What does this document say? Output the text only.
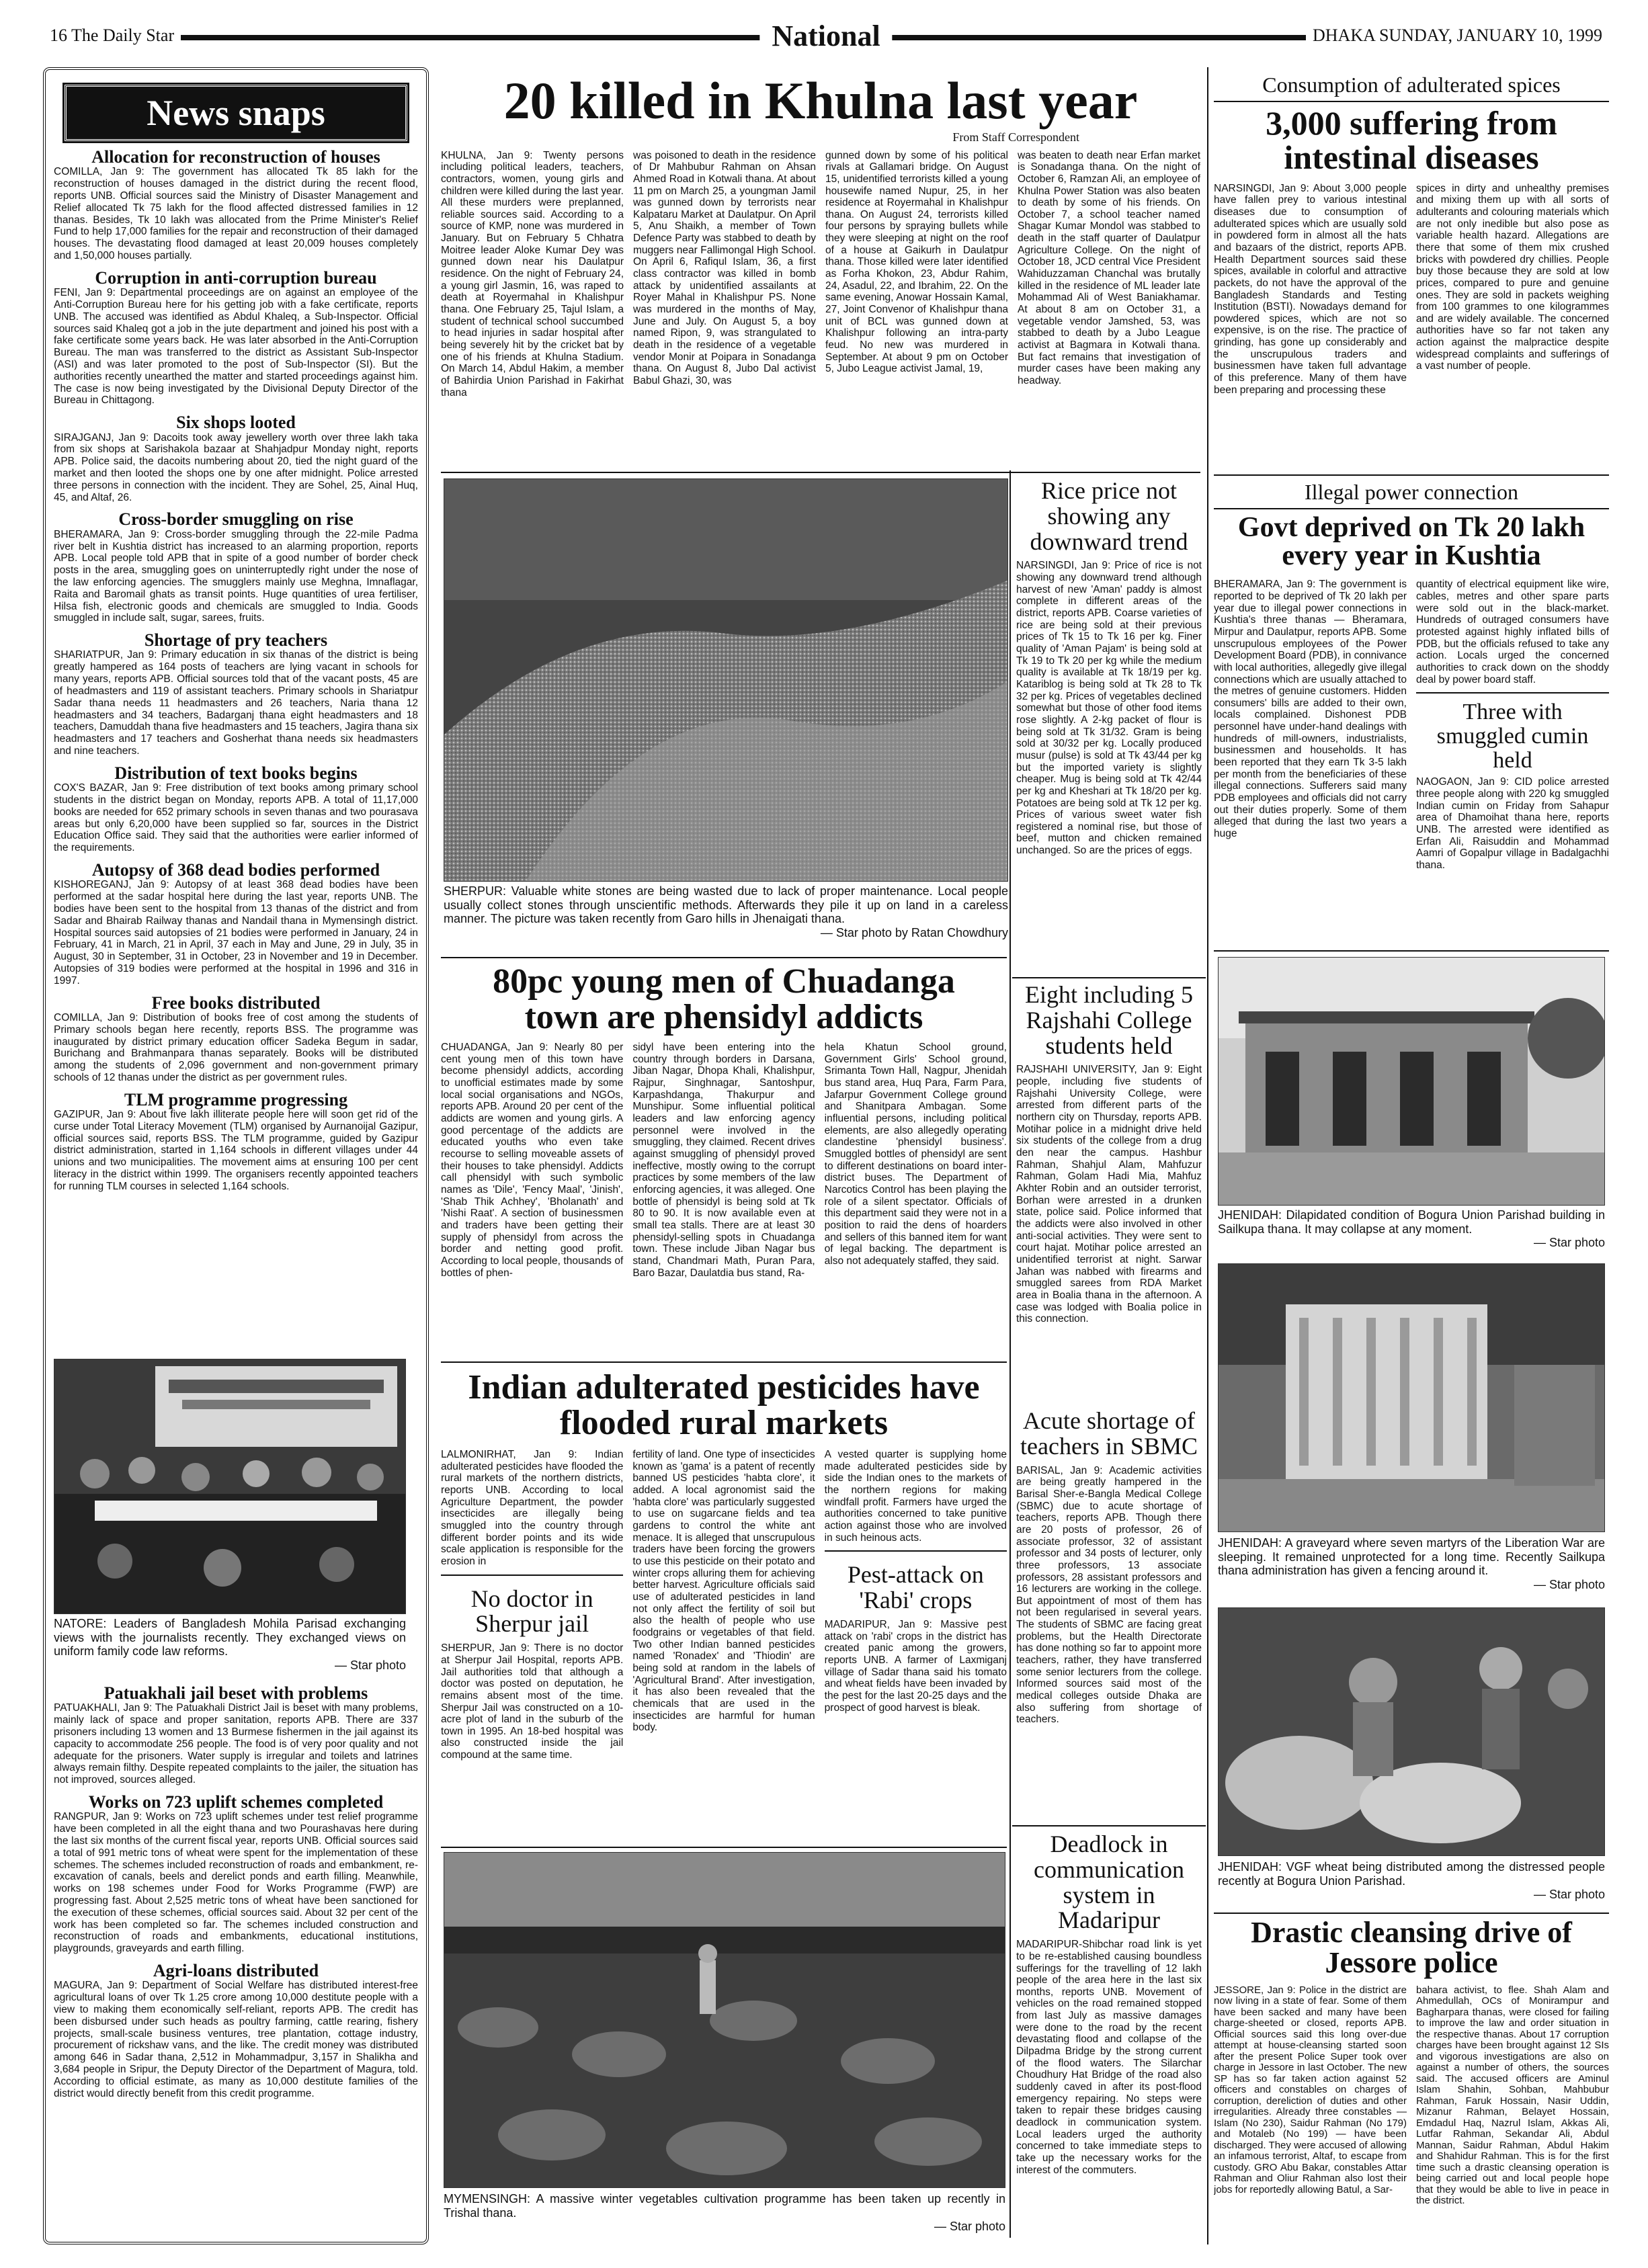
16 The Daily Star	National	DHAKA SUNDAY, JANUARY 10, 1999
News snaps
Allocation for reconstruction of houses
COMILLA, Jan 9: The government has allocated Tk 85 lakh for the reconstruction of houses damaged in the district during the recent flood, reports UNB. Official sources said the Ministry of Disaster Management and Relief allocated Tk 75 lakh for the flood affected distressed families in 12 thanas. Besides, Tk 10 lakh was allocated from the Prime Minister's Relief Fund to help 17,000 families for the repair and reconstruction of their damaged houses. The devastating flood damaged at least 20,009 houses completely and 1,50,000 houses partially.
Corruption in anti-corruption bureau
FENI, Jan 9: Departmental proceedings are on against an employee of the Anti-Corruption Bureau here for his getting job with a fake certificate, reports UNB. The accused was identified as Abdul Khaleq, a Sub-Inspector. Official sources said Khaleq got a job in the jute department and joined his post with a fake certificate some years back. He was later absorbed in the Anti-Corruption Bureau. The man was transferred to the district as Assistant Sub-Inspector (ASI) and was later promoted to the post of Sub-Inspector (SI). But the authorities recently unearthed the matter and started proceedings against him. The case is now being investigated by the Divisional Deputy Director of the Bureau in Chittagong.
Six shops looted
SIRAJGANJ, Jan 9: Dacoits took away jewellery worth over three lakh taka from six shops at Sarishakola bazaar at Shahjadpur Monday night, reports APB. Police said, the dacoits numbering about 20, tied the night guard of the market and then looted the shops one by one after midnight. Police arrested three persons in connection with the incident. They are Sohel, 25, Ainal Huq, 45, and Altaf, 26.
Cross-border smuggling on rise
BHERAMARA, Jan 9: Cross-border smuggling through the 22-mile Padma river belt in Kushtia district has increased to an alarming proportion, reports APB. Local people told APB that in spite of a good number of border check posts in the area, smuggling goes on uninterruptedly right under the nose of the law enforcing agencies. The smugglers mainly use Meghna, Imnaflagar, Raita and Baromail ghats as transit points. Huge quantities of urea fertiliser, Hilsa fish, electronic goods and chemicals are smuggled to India. Goods smuggled in include salt, sugar, sarees, fruits.
Shortage of pry teachers
SHARIATPUR, Jan 9: Primary education in six thanas of the district is being greatly hampered as 164 posts of teachers are lying vacant in schools for many years, reports APB. Official sources told that of the vacant posts, 45 are of headmasters and 119 of assistant teachers. Primary schools in Shariatpur Sadar thana needs 11 headmasters and 26 teachers, Naria thana 12 headmasters and 34 teachers, Badarganj thana eight headmasters and 18 teachers, Damuddah thana five headmasters and 15 teachers, Jagira thana six headmasters and 17 teachers and Gosherhat thana needs six headmasters and nine teachers.
Distribution of text books begins
COX'S BAZAR, Jan 9: Free distribution of text books among primary school students in the district began on Monday, reports APB. A total of 11,17,000 books are needed for 652 primary schools in seven thanas and two pourasava areas but only 6,20,000 have been supplied so far, sources in the District Education Office said. They said that the authorities were earlier informed of the requirements.
Autopsy of 368 dead bodies performed
KISHOREGANJ, Jan 9: Autopsy of at least 368 dead bodies have been performed at the sadar hospital here during the last year, reports UNB. The bodies have been sent to the hospital from 13 thanas of the district and from Sadar and Bhairab Railway thanas and Nandail thana in Mymensingh district. Hospital sources said autopsies of 21 bodies were performed in January, 24 in February, 41 in March, 21 in April, 37 each in May and June, 29 in July, 35 in August, 30 in September, 31 in October, 23 in November and 19 in December. Autopsies of 319 bodies were performed at the hospital in 1996 and 316 in 1997.
Free books distributed
COMILLA, Jan 9: Distribution of books free of cost among the students of Primary schools began here recently, reports BSS. The programme was inaugurated by district primary education officer Sadeka Begum in sadar, Burichang and Brahmanpara thanas separately. Books will be distributed among the students of 2,096 government and non-government primary schools of 12 thanas under the district as per government rules.
TLM programme progressing
GAZIPUR, Jan 9: About five lakh illiterate people here will soon get rid of the curse under Total Literacy Movement (TLM) organised by Aurnanoijal Gazipur, official sources said, reports BSS. The TLM programme, guided by Gazipur district administration, started in 1,164 schools in different villages under 44 unions and two municipalities. The movement aims at ensuring 100 per cent literacy in the district within 1999. The organisers recently appointed teachers for running TLM courses in selected 1,164 schools.
NATORE: Leaders of Bangladesh Mohila Parisad exchanging views with the journalists recently. They exchanged views on uniform family code law reforms.
— Star photo
Patuakhali jail beset with problems
PATUAKHALI, Jan 9: The Patuakhali District Jail is beset with many problems, mainly lack of space and proper sanitation, reports APB. There are 337 prisoners including 13 women and 13 Burmese fishermen in the jail against its capacity to accommodate 256 people. The food is of very poor quality and not adequate for the prisoners. Water supply is irregular and toilets and latrines always remain filthy. Despite repeated complaints to the jailer, the situation has not improved, sources alleged.
Works on 723 uplift schemes completed
RANGPUR, Jan 9: Works on 723 uplift schemes under test relief programme have been completed in all the eight thana and two Pourashavas here during the last six months of the current fiscal year, reports UNB. Official sources said a total of 991 metric tons of wheat were spent for the implementation of these schemes. The schemes included reconstruction of roads and embankment, re-excavation of canals, beels and derelict ponds and earth filling. Meanwhile, works on 198 schemes under Food for Works Programme (FWP) are progressing fast. About 2,525 metric tons of wheat have been sanctioned for the execution of these schemes, official sources said. About 32 per cent of the work has been completed so far. The schemes included construction and reconstruction of roads and embankments, educational institutions, playgrounds, graveyards and earth filling.
Agri-loans distributed
MAGURA, Jan 9: Department of Social Welfare has distributed interest-free agricultural loans of over Tk 1.25 crore among 10,000 destitute people with a view to making them economically self-reliant, reports APB. The credit has been disbursed under such heads as poultry farming, cattle rearing, fishery projects, small-scale business ventures, tree plantation, cottage industry, procurement of rickshaw vans, and the like. The credit money was distributed among 646 in Sadar thana, 2,512 in Mohammadpur, 3,157 in Shalikha and 3,684 people in Sripur, the Deputy Director of the Department of Magura, told. According to official estimate, as many as 10,000 destitute families of the district would directly benefit from this credit programme.
20 killed in Khulna last year
From Staff Correspondent
KHULNA, Jan 9: Twenty persons including political leaders, teachers, contractors, women, young girls and children were killed during the last year. All these murders were preplanned, reliable sources said. According to a source of KMP, none was murdered in January. But on February 5 Chhatra Moitree leader Aloke Kumar Dey was gunned down near his Daulatpur residence. On the night of February 24, a young girl Jasmin, 16, was raped to death at Royermahal in Khalishpur thana. One February 25, Tajul Islam, a student of technical school succumbed to head injuries in sadar hospital after being severely hit by the cricket bat by one of his friends at Khulna Stadium. On March 14, Abdul Hakim, a member of Bahirdia Union Parishad in Fakirhat thana
was poisoned to death in the residence of Dr Mahbubur Rahman on Ahsan Ahmed Road in Kotwali thana. At about 11 pm on March 25, a youngman Jamil was gunned down by terrorists near Kalpataru Market at Daulatpur. On April 5, Anu Shaikh, a member of Town Defence Party was stabbed to death by muggers near Fallimongal High School. On April 6, Rafiqul Islam, 36, a first class contractor was killed in bomb attack by unidentified assailants at Royer Mahal in Khalishpur PS. None was murdered in the months of May, June and July. On August 5, a boy named Ripon, 9, was strangulated to death in the residence of a vegetable vendor Monir at Poipara in Sonadanga thana. On August 8, Jubo Dal activist Babul Ghazi, 30, was
gunned down by some of his political rivals at Gallamari bridge. On August 15, unidentified terrorists killed a young housewife named Nupur, 25, in her residence at Royermahal in Khalishpur thana. On August 24, terrorists killed four persons by spraying bullets while they were sleeping at night on the roof of a house at Gaikurh in Daulatpur thana. Those killed were later identified as Forha Khokon, 23, Abdur Rahim, 24, Asadul, 22, and Ibrahim, 22. On the same evening, Anowar Hossain Kamal, 27, Joint Convenor of Khalishpur thana unit of BCL was gunned down at Khalishpur following an intra-party feud. No new was murdered in September. At about 9 pm on October 5, Jubo League activist Jamal, 19,
was beaten to death near Erfan market is Sonadanga thana. On the night of October 6, Ramzan Ali, an employee of Khulna Power Station was also beaten to death by some of his friends. On October 7, a school teacher named Shagar Kumar Mondol was stabbed to death in the staff quarter of Daulatpur Agriculture College. On the night of October 18, JCD central Vice President Wahiduzzaman Chanchal was brutally killed in the residence of ML leader late Mohammad Ali of West Baniakhamar. At about 8 am on October 31, a vegetable vendor Jamshed, 53, was stabbed to death by a Jubo League activist at Bagmara in Kotwali thana. But fact remains that investigation of murder cases have been making any headway.
SHERPUR: Valuable white stones are being wasted due to lack of proper maintenance. Local people usually collect stones through unscientific methods. Afterwards they pile it up on land in a careless manner. The picture was taken recently from Garo hills in Jhenaigati thana.
— Star photo by Ratan Chowdhury
Rice price not showing any downward trend
NARSINGDI, Jan 9: Price of rice is not showing any downward trend although harvest of new 'Aman' paddy is almost complete in different areas of the district, reports APB. Coarse varieties of rice are being sold at their previous prices of Tk 15 to Tk 16 per kg. Finer quality of 'Aman Pajam' is being sold at Tk 19 to Tk 20 per kg while the medium quality is available at Tk 18/19 per kg. Katariblog is being sold at Tk 28 to Tk 32 per kg. Prices of vegetables declined somewhat but those of other food items rose slightly. A 2-kg packet of flour is being sold at Tk 31/32. Gram is being sold at 30/32 per kg. Locally produced musur (pulse) is sold at Tk 43/44 per kg but the imported variety is slightly cheaper. Mug is being sold at Tk 42/44 per kg and Kheshari at Tk 18/20 per kg. Potatoes are being sold at Tk 12 per kg. Prices of various sweet water fish registered a nominal rise, but those of beef, mutton and chicken remained unchanged. So are the prices of eggs.
80pc young men of Chuadanga town are phensidyl addicts
CHUADANGA, Jan 9: Nearly 80 per cent young men of this town have become phensidyl addicts, according to unofficial estimates made by some local social organisations and NGOs, reports APB. Around 20 per cent of the addicts are women and young girls. A good percentage of the addicts are educated youths who even take recourse to selling moveable assets of their houses to take phensidyl. Addicts call phensidyl with such symbolic names as 'Dile', 'Fency Maal', 'Jinish', 'Shab Thik Achhey', 'Bholanath' and 'Nishi Raat'. A section of businessmen and traders have been getting their supply of phensidyl from across the border and netting good profit. According to local people, thousands of bottles of phen-
sidyl have been entering into the country through borders in Darsana, Jiban Nagar, Dhopa Khali, Khalishpur, Rajpur, Singhnagar, Santoshpur, Karpashdanga, Thakurpur and Munshipur. Some influential political leaders and law enforcing agency personnel were involved in the smuggling, they claimed. Recent drives against smuggling of phensidyl proved ineffective, mostly owing to the corrupt practices by some members of the law enforcing agencies, it was alleged. One bottle of phensidyl is being sold at Tk 80 to 90. It is now available even at small tea stalls. There are at least 30 phensidyl-selling spots in Chuadanga town. These include Jiban Nagar bus stand, Chandmari Math, Puran Para, Baro Bazar, Daulatdia bus stand, Ra-
hela Khatun School ground, Government Girls' School ground, Srimanta Town Hall, Nagpur, Jhenidah bus stand area, Huq Para, Farm Para, Jafarpur Government College ground and Shanitpara Ambagan. Some influential persons, including political elements, are also allegedly operating clandestine 'phensidyl business'. Smuggled bottles of phensidyl are sent to different destinations on board inter-district buses. The Department of Narcotics Control has been playing the role of a silent spectator. Officials of this department said they were not in a position to raid the dens of hoarders and sellers of this banned item for want of legal backing. The department is also not adequately staffed, they said.
Eight including 5 Rajshahi College students held
RAJSHAHI UNIVERSITY, Jan 9: Eight people, including five students of Rajshahi University College, were arrested from different parts of the northern city on Thursday, reports APB. Motihar police in a midnight drive held six students of the college from a drug den near the campus. Hashbur Rahman, Shahjul Alam, Mahfuzur Rahman, Golam Hadi Mia, Mahfuz Akhter Robin and an outsider terrorist, Borhan were arrested in a drunken state, police said. Police informed that the addicts were also involved in other anti-social activities. They were sent to court hajat. Motihar police arrested an unidentified terrorist at night. Sarwar Jahan was nabbed with firearms and smuggled sarees from RDA Market area in Boalia thana in the afternoon. A case was lodged with Boalia police in this connection.
Indian adulterated pesticides have flooded rural markets
LALMONIRHAT, Jan 9: Indian adulterated pesticides have flooded the rural markets of the northern districts, reports UNB. According to local Agriculture Department, the powder insecticides are illegally being smuggled into the country through different border points and its wide scale application is responsible for the erosion in
No doctor in Sherpur jail
SHERPUR, Jan 9: There is no doctor at Sherpur Jail Hospital, reports APB. Jail authorities told that although a doctor was posted on deputation, he remains absent most of the time. Sherpur Jail was constructed on a 10-acre plot of land in the suburb of the town in 1995. An 18-bed hospital was also constructed inside the jail compound at the same time.
fertility of land. One type of insecticides known as 'gama' is a patent of recently banned US pesticides 'habta clore', it added. A local agronomist said the 'habta clore' was particularly suggested to use on sugarcane fields and tea gardens to control the white ant menace. It is alleged that unscrupulous traders have been forcing the growers to use this pesticide on their potato and winter crops alluring them for achieving better harvest. Agriculture officials said use of adulterated pesticides in land not only affect the fertility of soil but also the health of people who use foodgrains or vegetables of that field. Two other Indian banned pesticides named 'Ronadex' and 'Thiodin' are being sold at random in the labels of 'Agricultural Brand'. After investigation, it has also been revealed that the chemicals that are used in the insecticides are harmful for human body.
A vested quarter is supplying home made adulterated pesticides side by side the Indian ones to the markets of the northern regions for making windfall profit. Farmers have urged the authorities concerned to take punitive action against those who are involved in such heinous acts.
Pest-attack on 'Rabi' crops
MADARIPUR, Jan 9: Massive pest attack on 'rabi' crops in the district has created panic among the growers, reports UNB. A farmer of Laxmiganj village of Sadar thana said his tomato and wheat fields have been invaded by the pest for the last 20-25 days and the prospect of good harvest is bleak.
MYMENSINGH: A massive winter vegetables cultivation programme has been taken up recently in Trishal thana.
— Star photo
Acute shortage of teachers in SBMC
BARISAL, Jan 9: Academic activities are being greatly hampered in the Barisal Sher-e-Bangla Medical College (SBMC) due to acute shortage of teachers, reports APB. Though there are 20 posts of professor, 26 of associate professor, 32 of assistant professor and 34 posts of lecturer, only three professors, 13 associate professors, 28 assistant professors and 16 lecturers are working in the college. But appointment of most of them has not been regularised in several years. The students of SBMC are facing great problems, but the Health Directorate has done nothing so far to appoint more teachers, rather, they have transferred some senior lecturers from the college. Informed sources said most of the medical colleges outside Dhaka are also suffering from shortage of teachers.
Deadlock in communication system in Madaripur
MADARIPUR-Shibchar road link is yet to be re-established causing boundless sufferings for the travelling of 12 lakh people of the area here in the last six months, reports UNB. Movement of vehicles on the road remained stopped from last July as massive damages were done to the road by the recent devastating flood and collapse of the Dilpadma Bridge by the strong current of the flood waters. The Silarchar Choudhury Hat Bridge of the road also suddenly caved in after its post-flood emergency repairing. No steps were taken to repair these bridges causing deadlock in communication system. Local leaders urged the authority concerned to take immediate steps to take up the necessary works for the interest of the commuters.
Consumption of adulterated spices
3,000 suffering from intestinal diseases
NARSINGDI, Jan 9: About 3,000 people have fallen prey to various intestinal diseases due to consumption of adulterated spices which are usually sold in powdered form in almost all the hats and bazaars of the district, reports APB. Health Department sources said these spices, available in colorful and attractive packets, do not have the approval of the Bangladesh Standards and Testing Institution (BSTI). Nowadays demand for powdered spices, which are not so expensive, is on the rise. The practice of grinding, has gone up considerably and the unscrupulous traders and businessmen have taken full advantage of this preference. Many of them have been preparing and processing these
spices in dirty and unhealthy premises and mixing them up with all sorts of adulterants and colouring materials which are not only inedible but also pose as variable health hazard. Allegations are there that some of them mix crushed bricks with powdered dry chillies. People buy those because they are sold at low prices, compared to pure and genuine ones. They are sold in packets weighing from 100 grammes to one kilogrammes and are widely available. The concerned authorities have so far not taken any action against the malpractice despite widespread complaints and sufferings of a vast number of people.
Illegal power connection
Govt deprived on Tk 20 lakh every year in Kushtia
BHERAMARA, Jan 9: The government is reported to be deprived of Tk 20 lakh per year due to illegal power connections in Kushtia's three thanas — Bheramara, Mirpur and Daulatpur, reports APB. Some unscrupulous employees of the Power Development Board (PDB), in connivance with local authorities, allegedly give illegal connections which are usually attached to the metres of genuine customers. Hidden consumers' bills are added to their own, locals complained. Dishonest PDB personnel have under-hand dealings with hundreds of mill-owners, industrialists, businessmen and households. It has been reported that they earn Tk 3-5 lakh per month from the beneficiaries of these illegal connections. Sufferers said many PDB employees and officials did not carry out their duties properly. Some of them alleged that during the last two years a huge
quantity of electrical equipment like wire, cables, metres and other spare parts were sold out in the black-market. Hundreds of outraged consumers have protested against highly inflated bills of PDB, but the officials refused to take any action. Locals urged the concerned authorities to crack down on the shoddy deal by power board staff.
Three with smuggled cumin held
NAOGAON, Jan 9: CID police arrested three people along with 220 kg smuggled Indian cumin on Friday from Sahapur area of Dhamoihat thana here, reports UNB. The arrested were identified as Erfan Ali, Raisuddin and Mohammad Aamri of Gopalpur village in Badalgachhi thana.
JHENIDAH: Dilapidated condition of Bogura Union Parishad building in Sailkupa thana. It may collapse at any moment.
— Star photo
JHENIDAH: A graveyard where seven martyrs of the Liberation War are sleeping. It remained unprotected for a long time. Recently Sailkupa thana administration has given a fencing around it.
— Star photo
JHENIDAH: VGF wheat being distributed among the distressed people recently at Bogura Union Parishad.
— Star photo
Drastic cleansing drive of Jessore police
JESSORE, Jan 9: Police in the district are now living in a state of fear. Some of them have been sacked and many have been charge-sheeted or closed, reports APB. Official sources said this long over-due attempt at house-cleansing started soon after the present Police Super took over charge in Jessore in last October. The new SP has so far taken action against 52 officers and constables on charges of corruption, dereliction of duties and other irregularities. Already three constables — Islam (No 230), Saidur Rahman (No 179) and Motaleb (No 199) — have been discharged. They were accused of allowing an infamous terrorist, Altaf, to escape from custody. GRO Abu Bakar, constables Attar Rahman and Oliur Rahman also lost their jobs for reportedly allowing Batul, a Sar-
bahara activist, to flee. Shah Alam and Ahmedullah, OCs of Monirampur and Bagharpara thanas, were closed for failing to improve the law and order situation in the respective thanas. About 17 corruption charges have been brought against 12 SIs and vigorous investigations are also on against a number of others, the sources said. The accused officers are Aminul Islam Shahin, Sohban, Mahbubur Rahman, Faruk Hossain, Nasir Uddin, Mizanur Rahman, Belayet Hossain, Emdadul Haq, Nazrul Islam, Akkas Ali, Lutfar Rahman, Sekandar Ali, Abdul Mannan, Saidur Rahman, Abdul Hakim and Shahidur Rahman. This is for the first time such a drastic cleansing operation is being carried out and local people hope that they would be able to live in peace in the district.
